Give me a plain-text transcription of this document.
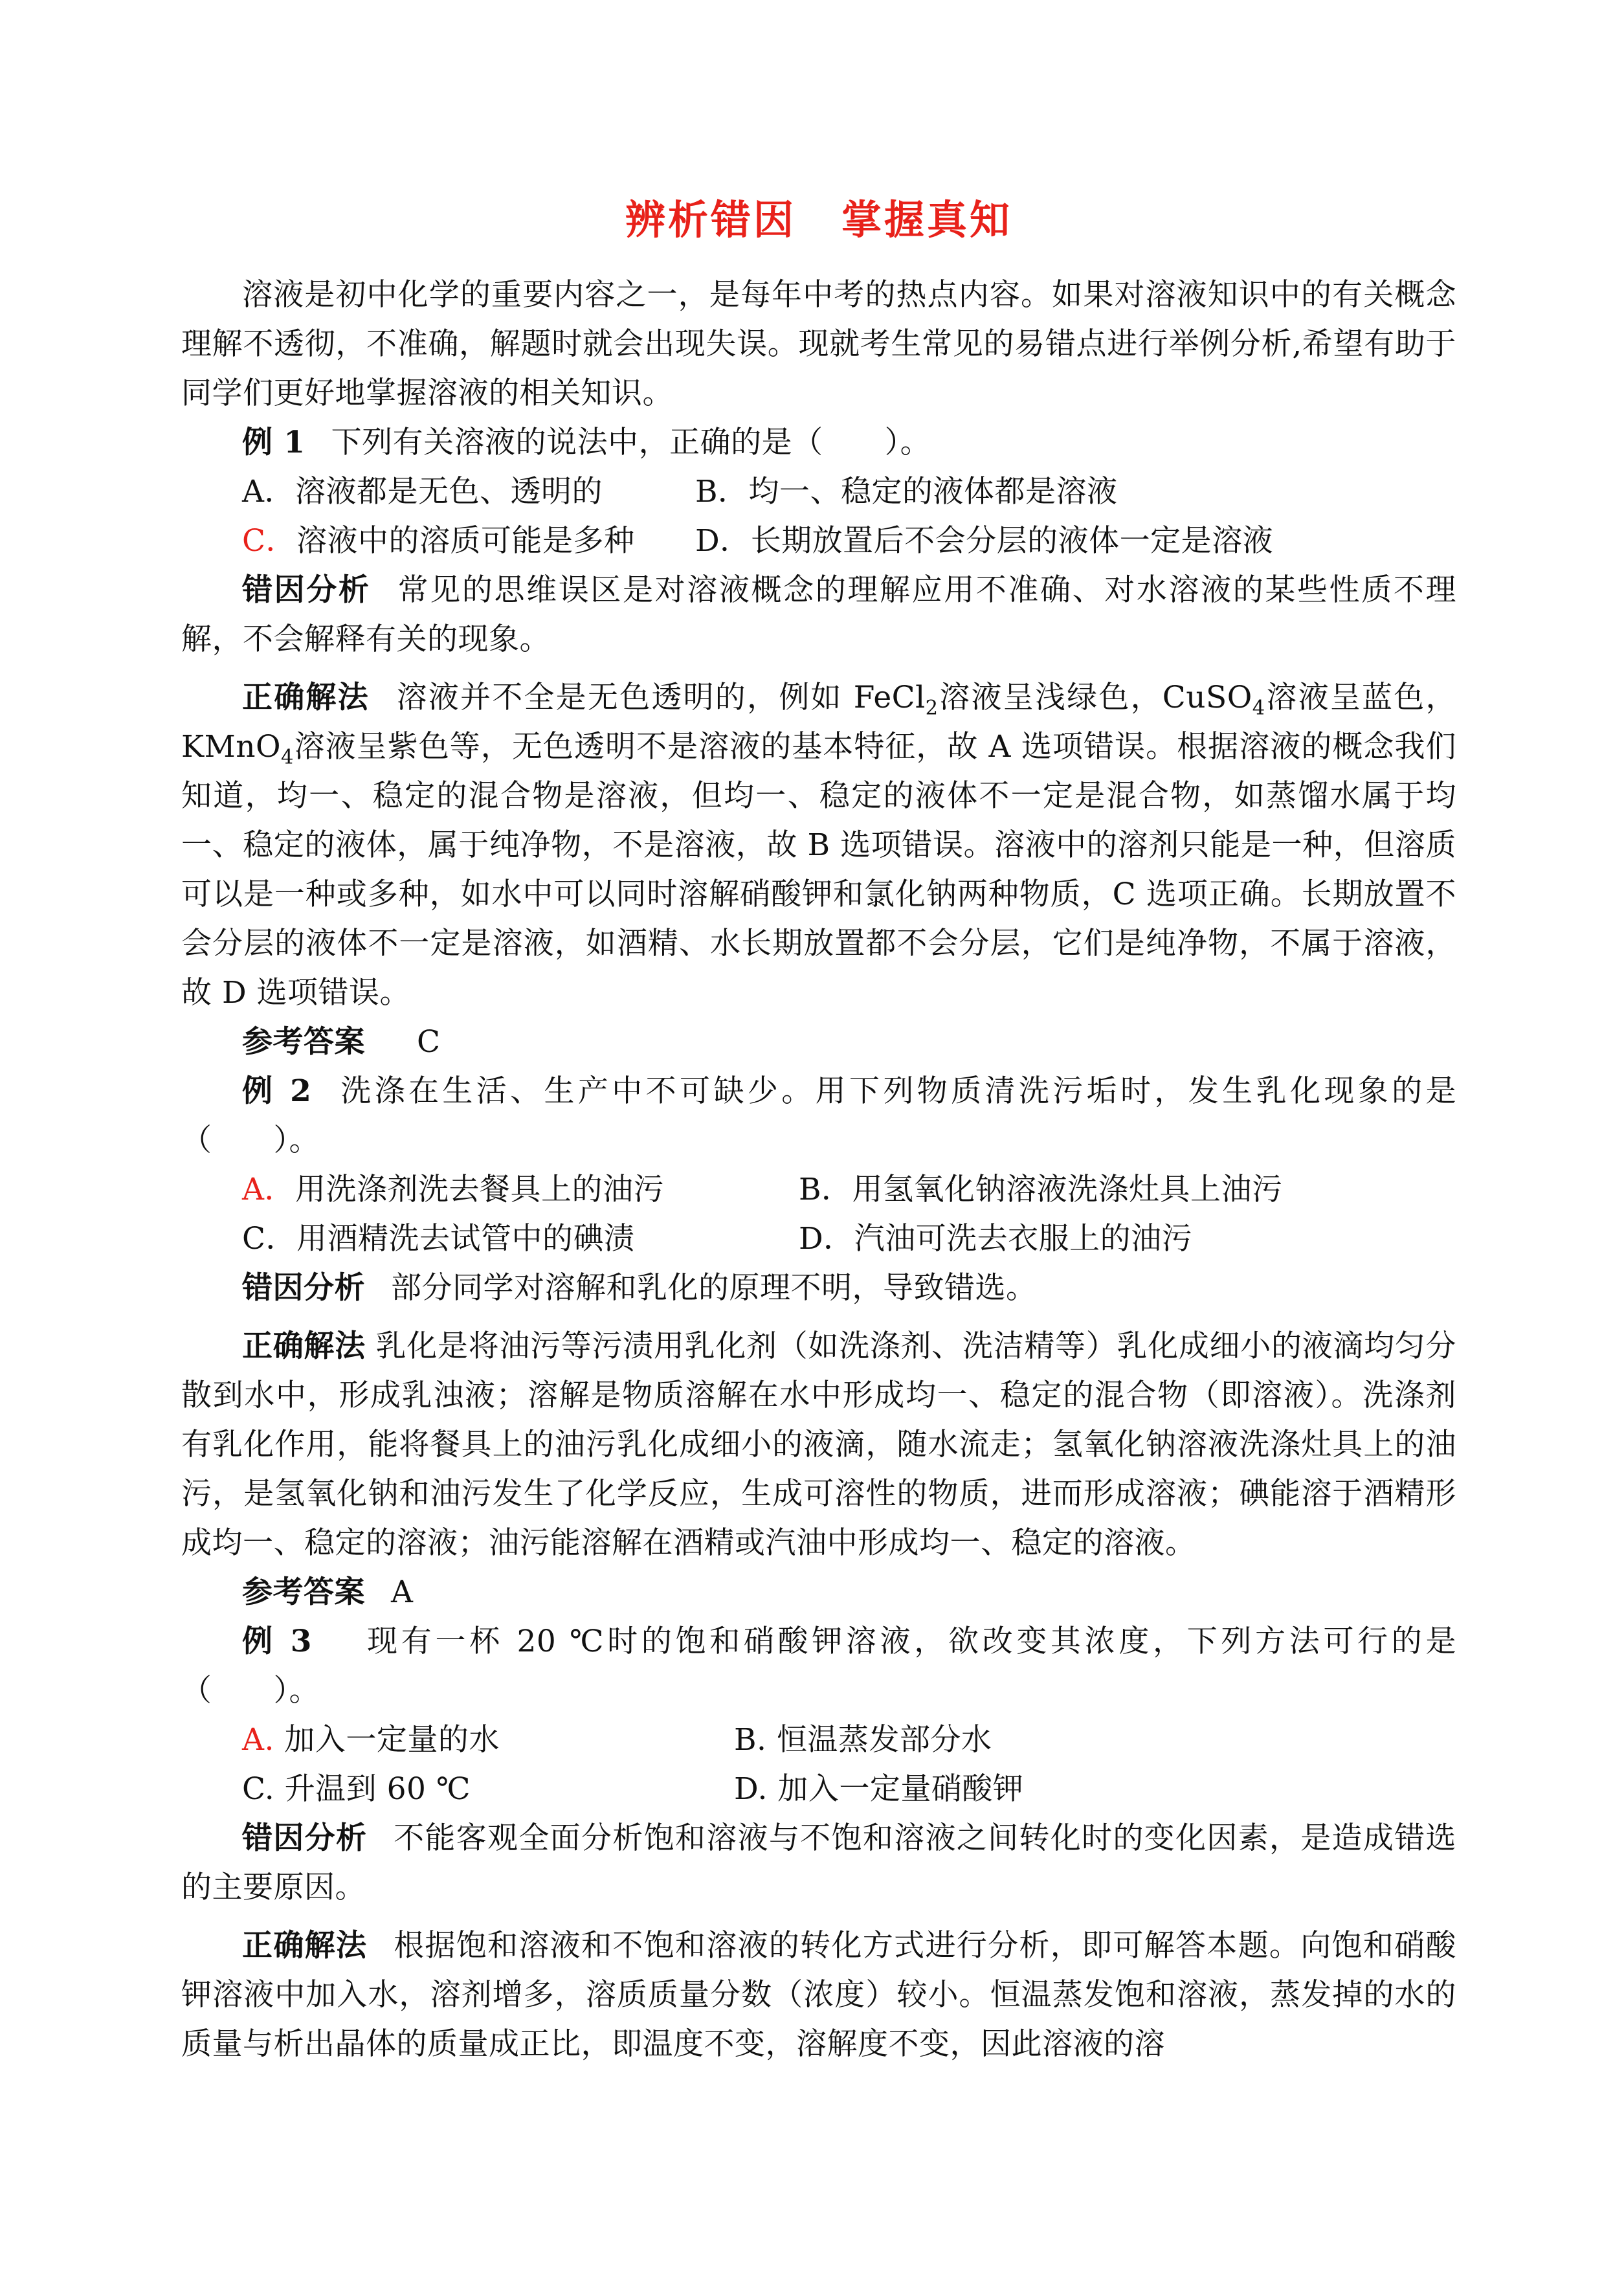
辨析错因 掌握真知

溶液是初中化学的重要内容之一，是每年中考的热点内容。如果对溶液知识中的有关概念理解不透彻，不准确，解题时就会出现失误。现就考生常见的易错点进行举例分析,希望有助于同学们更好地掌握溶液的相关知识。

例 1 下列有关溶液的说法中，正确的是（　　）。

A．溶液都是无色、透明的	B．均一、稳定的液体都是溶液
C．溶液中的溶质可能是多种	D．长期放置后不会分层的液体一定是溶液

错因分析 常见的思维误区是对溶液概念的理解应用不准确、对水溶液的某些性质不理解，不会解释有关的现象。

正确解法 溶液并不全是无色透明的，例如 FeCl$_2$溶液呈浅绿色，CuSO$_4$溶液呈蓝色，KMnO$_4$溶液呈紫色等，无色透明不是溶液的基本特征，故 A 选项错误。根据溶液的概念我们知道，均一、稳定的混合物是溶液，但均一、稳定的液体不一定是混合物，如蒸馏水属于均一、稳定的液体，属于纯净物，不是溶液，故 B 选项错误。溶液中的溶剂只能是一种，但溶质可以是一种或多种，如水中可以同时溶解硝酸钾和氯化钠两种物质，C 选项正确。长期放置不会分层的液体不一定是溶液，如酒精、水长期放置都不会分层，它们是纯净物，不属于溶液，故 D 选项错误。

参考答案 C

例 2 洗涤在生活、生产中不可缺少。用下列物质清洗污垢时，发生乳化现象的是（　　）。

A．用洗涤剂洗去餐具上的油污	B．用氢氧化钠溶液洗涤灶具上油污
C．用酒精洗去试管中的碘渍	D．汽油可洗去衣服上的油污

错因分析 部分同学对溶解和乳化的原理不明，导致错选。

正确解法 乳化是将油污等污渍用乳化剂（如洗涤剂、洗洁精等）乳化成细小的液滴均匀分散到水中，形成乳浊液；溶解是物质溶解在水中形成均一、稳定的混合物（即溶液）。洗涤剂有乳化作用，能将餐具上的油污乳化成细小的液滴，随水流走；氢氧化钠溶液洗涤灶具上的油污，是氢氧化钠和油污发生了化学反应，生成可溶性的物质，进而形成溶液；碘能溶于酒精形成均一、稳定的溶液；油污能溶解在酒精或汽油中形成均一、稳定的溶液。

参考答案 A

例 3 现有一杯 20 ℃时的饱和硝酸钾溶液，欲改变其浓度，下列方法可行的是（　　）。

A. 加入一定量的水	B. 恒温蒸发部分水
C. 升温到 60 ℃	D. 加入一定量硝酸钾

错因分析 不能客观全面分析饱和溶液与不饱和溶液之间转化时的变化因素，是造成错选的主要原因。

正确解法 根据饱和溶液和不饱和溶液的转化方式进行分析，即可解答本题。向饱和硝酸钾溶液中加入水，溶剂增多，溶质质量分数（浓度）较小。恒温蒸发饱和溶液，蒸发掉的水的质量与析出晶体的质量成正比，即温度不变，溶解度不变，因此溶液的溶
